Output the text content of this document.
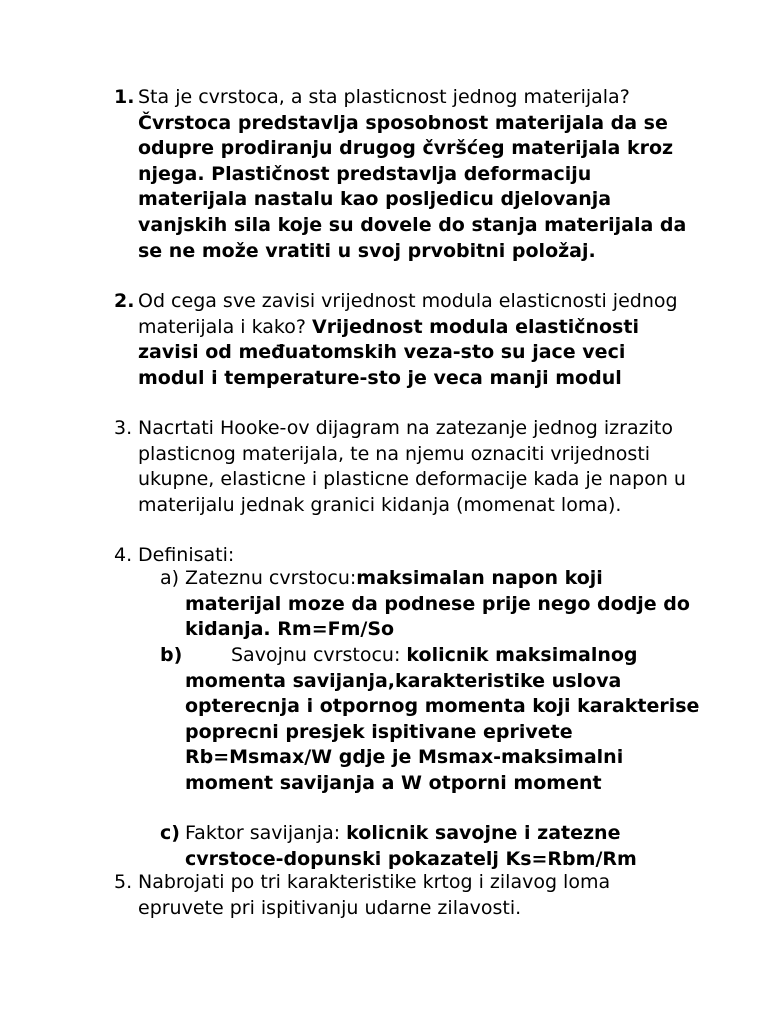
1. Sta je cvrstoca, a sta plasticnost jednog materijala? Čvrstoca predstavlja sposobnost materijala da se odupre prodiranju drugog čvršćeg materijala kroz njega. Plastičnost predstavlja deformaciju materijala nastalu kao posljedicu djelovanja vanjskih sila koje su dovele do stanja materijala da se ne može vratiti u svoj prvobitni položaj.
2. Od cega sve zavisi vrijednost modula elasticnosti jednog materijala i kako? Vrijednost modula elastičnosti zavisi od međuatomskih veza-sto su jace veci modul i temperature-sto je veca manji modul
3. Nacrtati Hooke-ov dijagram na zatezanje jednog izrazito plasticnog materijala, te na njemu oznaciti vrijednosti ukupne, elasticne i plasticne deformacije kada je napon u materijalu jednak granici kidanja (momenat loma).
4. Definisati:
a) Zateznu cvrstocu:maksimalan napon koji materijal moze da podnese prije nego dodje do kidanja. Rm=Fm/So
b)	Savojnu cvrstocu: kolicnik maksimalnog momenta savijanja,karakteristike uslova opterecnja i otpornog momenta koji karakterise poprecni presjek ispitivane eprivete Rb=Msmax/W gdje je Msmax-maksimalni moment savijanja a W otporni moment
c) Faktor savijanja: kolicnik savojne i zatezne cvrstoce-dopunski pokazatelj Ks=Rbm/Rm
5. Nabrojati po tri karakteristike krtog i zilavog loma epruvete pri ispitivanju udarne zilavosti.
